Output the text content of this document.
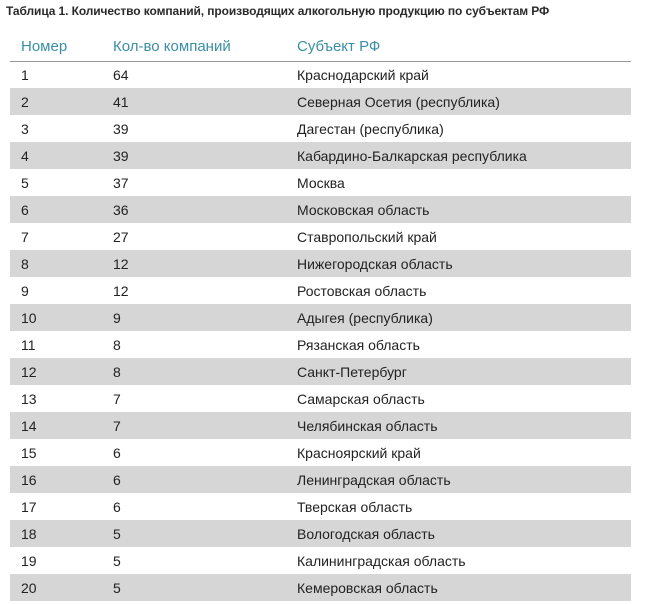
Таблица 1. Количество компаний, производящих алкогольную продукцию по субъектам РФ
Номер	Кол-во компаний	Субъект РФ
1	64	Краснодарский край
2	41	Северная Осетия (республика)
3	39	Дагестан (республика)
4	39	Кабардино-Балкарская республика
5	37	Москва
6	36	Московская область
7	27	Ставропольский край
8	12	Нижегородская область
9	12	Ростовская область
10	9	Адыгея (республика)
11	8	Рязанская область
12	8	Санкт-Петербург
13	7	Самарская область
14	7	Челябинская область
15	6	Красноярский край
16	6	Ленинградская область
17	6	Тверская область
18	5	Вологодская область
19	5	Калининградская область
20	5	Кемеровская область
